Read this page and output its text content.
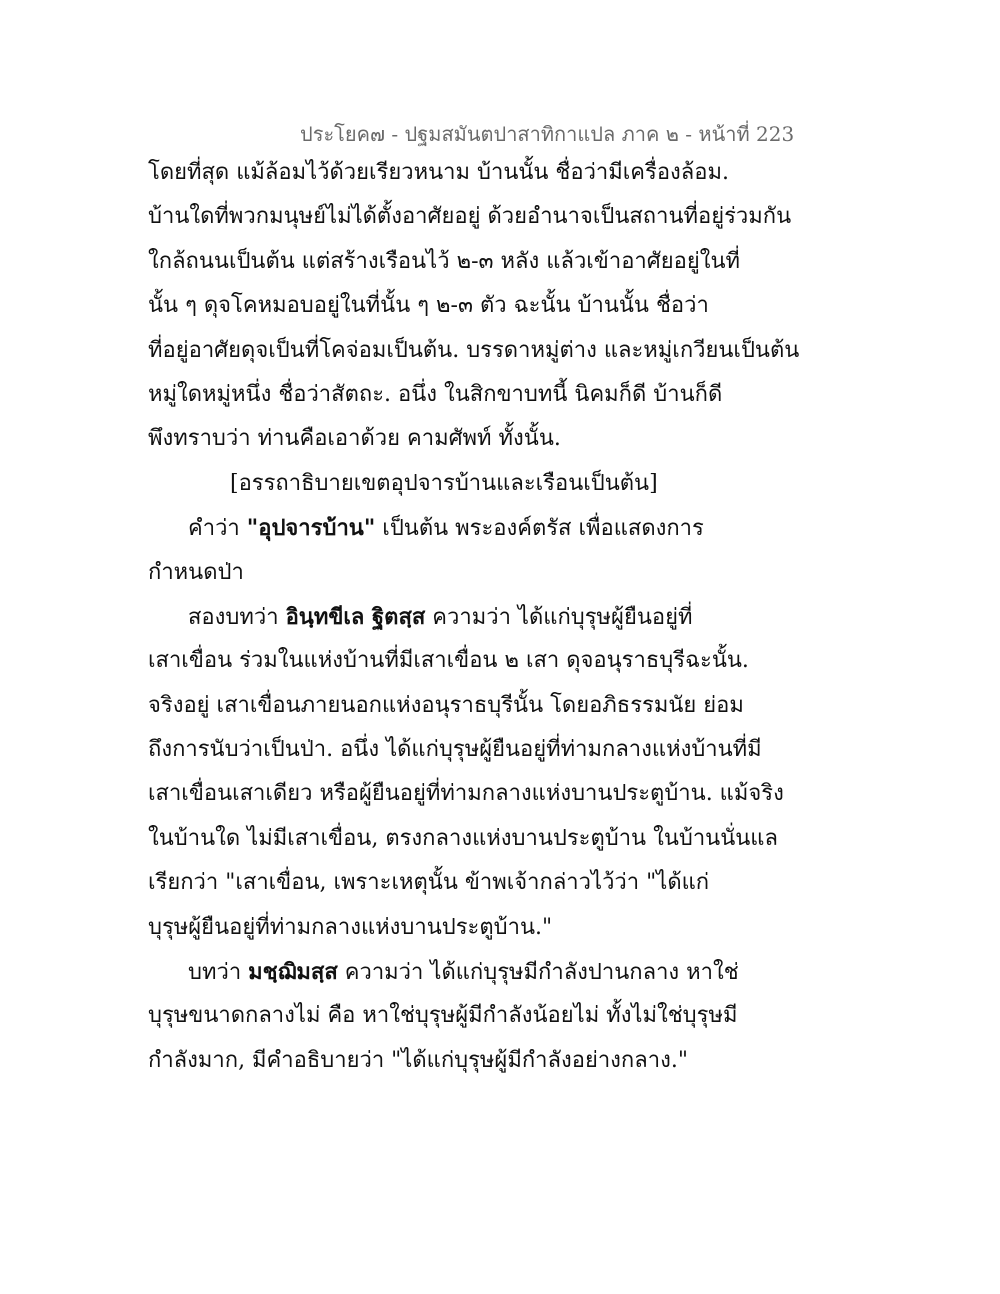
ประโยค๗ - ปฐมสมันตปาสาทิกาแปล ภาค ๒ - หน้าที่ 223
โดยที่สุด แม้ล้อมไว้ด้วยเรียวหนาม บ้านนั้น ชื่อว่ามีเครื่องล้อม.
บ้านใดที่พวกมนุษย์ไม่ได้ตั้งอาศัยอยู่ ด้วยอำนาจเป็นสถานที่อยู่ร่วมกัน
ใกล้ถนนเป็นต้น แต่สร้างเรือนไว้ ๒-๓ หลัง แล้วเข้าอาศัยอยู่ในที่
นั้น ๆ ดุจโคหมอบอยู่ในที่นั้น ๆ ๒-๓ ตัว ฉะนั้น บ้านนั้น ชื่อว่า
ที่อยู่อาศัยดุจเป็นที่โคจ่อมเป็นต้น. บรรดาหมู่ต่าง และหมู่เกวียนเป็นต้น
หมู่ใดหมู่หนึ่ง ชื่อว่าสัตถะ. อนึ่ง ในสิกขาบทนี้ นิคมก็ดี บ้านก็ดี
พึงทราบว่า ท่านคือเอาด้วย คามศัพท์ ทั้งนั้น.
[อรรถาธิบายเขตอุปจารบ้านและเรือนเป็นต้น]
คำว่า "อุปจารบ้าน" เป็นต้น พระองค์ตรัส เพื่อแสดงการ
กำหนดป่า
สองบทว่า อินฺทขีเล ฐิตสฺส ความว่า ได้แก่บุรุษผู้ยืนอยู่ที่
เสาเขื่อน ร่วมในแห่งบ้านที่มีเสาเขื่อน ๒ เสา ดุจอนุราธบุรีฉะนั้น.
จริงอยู่ เสาเขื่อนภายนอกแห่งอนุราธบุรีนั้น โดยอภิธรรมนัย ย่อม
ถึงการนับว่าเป็นป่า. อนึ่ง ได้แก่บุรุษผู้ยืนอยู่ที่ท่ามกลางแห่งบ้านที่มี
เสาเขื่อนเสาเดียว หรือผู้ยืนอยู่ที่ท่ามกลางแห่งบานประตูบ้าน. แม้จริง
ในบ้านใด ไม่มีเสาเขื่อน, ตรงกลางแห่งบานประตูบ้าน ในบ้านนั่นแล
เรียกว่า "เสาเขื่อน, เพราะเหตุนั้น ข้าพเจ้ากล่าวไว้ว่า "ได้แก่
บุรุษผู้ยืนอยู่ที่ท่ามกลางแห่งบานประตูบ้าน."
บทว่า มชฺฌิมสฺส ความว่า ได้แก่บุรุษมีกำลังปานกลาง หาใช่
บุรุษขนาดกลางไม่ คือ หาใช่บุรุษผู้มีกำลังน้อยไม่ ทั้งไม่ใช่บุรุษมี
กำลังมาก, มีคำอธิบายว่า "ได้แก่บุรุษผู้มีกำลังอย่างกลาง."
